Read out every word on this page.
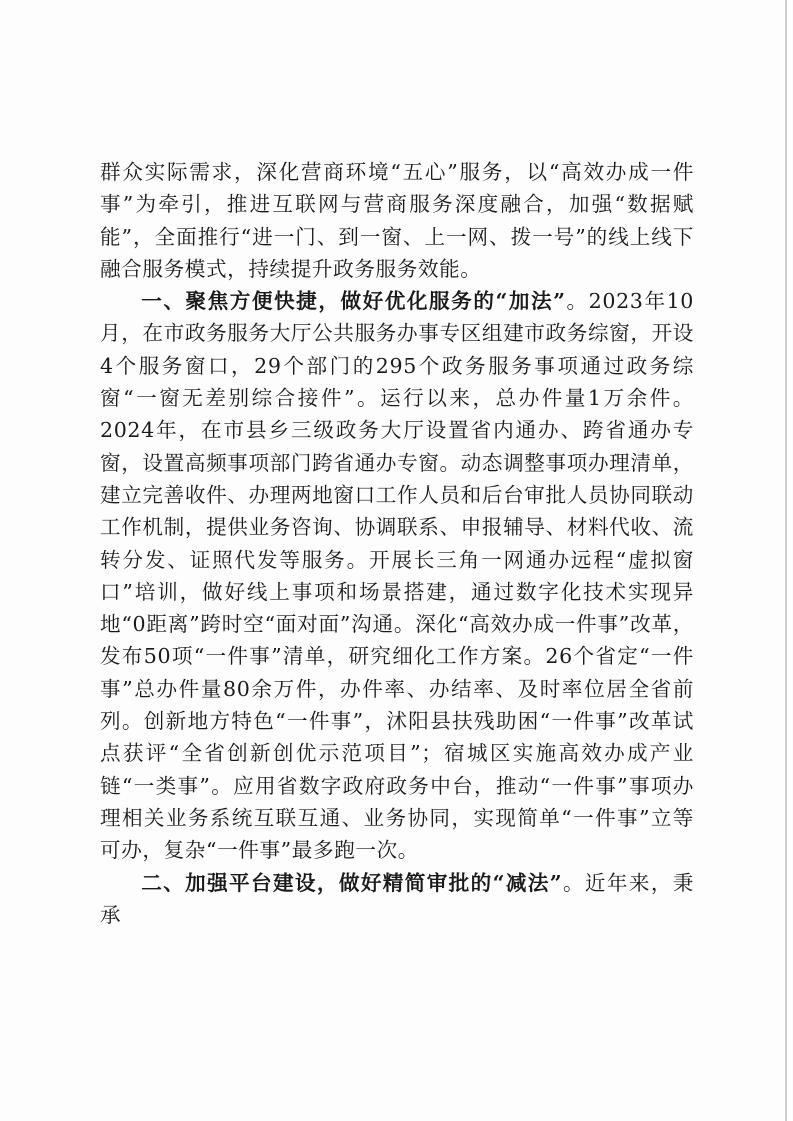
群众实际需求，深化营商环境“五心”服务，以“高效办成一件事”为牵引，推进互联网与营商服务深度融合，加强“数据赋能”，全面推行“进一门、到一窗、上一网、拨一号”的线上线下融合服务模式，持续提升政务服务效能。

一、聚焦方便快捷，做好优化服务的“加法”。2023年10月，在市政务服务大厅公共服务办事专区组建市政务综窗，开设4个服务窗口，29个部门的295个政务服务事项通过政务综窗“一窗无差别综合接件”。运行以来，总办件量1万余件。2024年，在市县乡三级政务大厅设置省内通办、跨省通办专窗，设置高频事项部门跨省通办专窗。动态调整事项办理清单，建立完善收件、办理两地窗口工作人员和后台审批人员协同联动工作机制，提供业务咨询、协调联系、申报辅导、材料代收、流转分发、证照代发等服务。开展长三角一网通办远程“虚拟窗口”培训，做好线上事项和场景搭建，通过数字化技术实现异地“0距离”跨时空“面对面”沟通。深化“高效办成一件事”改革，发布50项“一件事”清单，研究细化工作方案。26个省定“一件事”总办件量80余万件，办件率、办结率、及时率位居全省前列。创新地方特色“一件事”，沭阳县扶残助困“一件事”改革试点获评“全省创新创优示范项目”；宿城区实施高效办成产业链“一类事”。应用省数字政府政务中台，推动“一件事”事项办理相关业务系统互联互通、业务协同，实现简单“一件事”立等可办，复杂“一件事”最多跑一次。

二、加强平台建设，做好精简审批的“减法”。近年来，秉承
